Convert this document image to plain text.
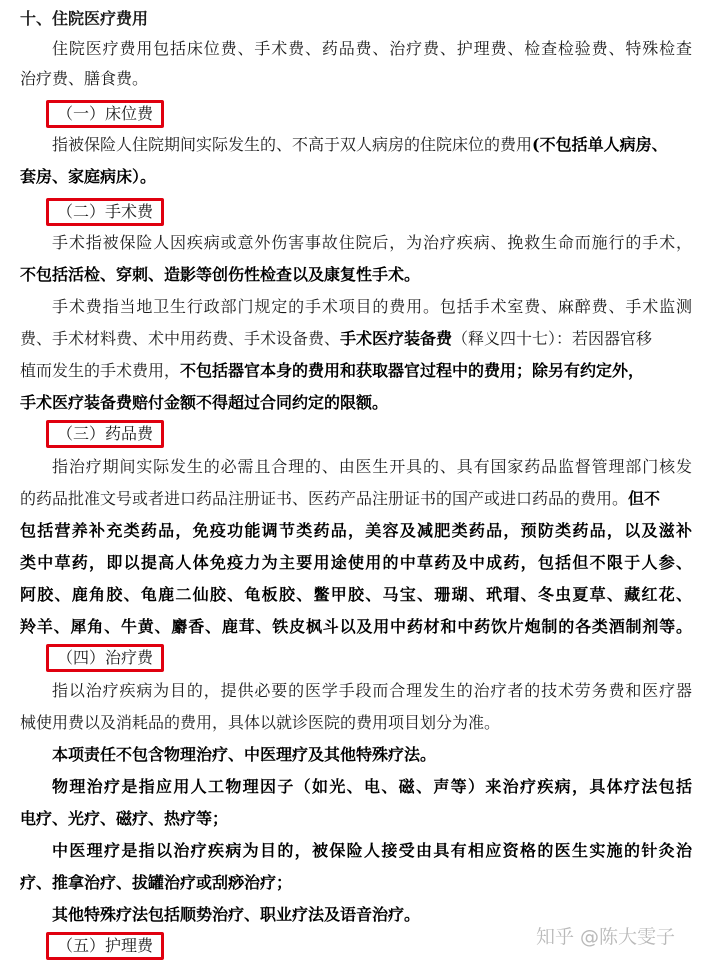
十、住院医疗费用
住院医疗费用包括床位费、手术费、药品费、治疗费、护理费、检查检验费、特殊检查
治疗费、膳食费。
（一）床位费
指被保险人住院期间实际发生的、不高于双人病房的住院床位的费用(不包括单人病房、
套房、家庭病床）。
（二）手术费
手术指被保险人因疾病或意外伤害事故住院后，为治疗疾病、挽救生命而施行的手术，
不包括活检、穿刺、造影等创伤性检查以及康复性手术。
手术费指当地卫生行政部门规定的手术项目的费用。包括手术室费、麻醉费、手术监测
费、手术材料费、术中用药费、手术设备费、手术医疗装备费（释义四十七）：若因器官移
植而发生的手术费用，不包括器官本身的费用和获取器官过程中的费用；除另有约定外，
手术医疗装备费赔付金额不得超过合同约定的限额。
（三）药品费
指治疗期间实际发生的必需且合理的、由医生开具的、具有国家药品监督管理部门核发
的药品批准文号或者进口药品注册证书、医药产品注册证书的国产或进口药品的费用。但不
包括营养补充类药品，免疫功能调节类药品，美容及减肥类药品，预防类药品，以及滋补
类中草药，即以提高人体免疫力为主要用途使用的中草药及中成药，包括但不限于人参、
阿胶、鹿角胶、龟鹿二仙胶、龟板胶、鳖甲胶、马宝、珊瑚、玳瑁、冬虫夏草、藏红花、
羚羊、犀角、牛黄、麝香、鹿茸、铁皮枫斗以及用中药材和中药饮片炮制的各类酒制剂等。
（四）治疗费
指以治疗疾病为目的，提供必要的医学手段而合理发生的治疗者的技术劳务费和医疗器
械使用费以及消耗品的费用，具体以就诊医院的费用项目划分为准。
本项责任不包含物理治疗、中医理疗及其他特殊疗法。
物理治疗是指应用人工物理因子（如光、电、磁、声等）来治疗疾病，具体疗法包括
电疗、光疗、磁疗、热疗等；
中医理疗是指以治疗疾病为目的，被保险人接受由具有相应资格的医生实施的针灸治
疗、推拿治疗、拔罐治疗或刮痧治疗；
其他特殊疗法包括顺势治疗、职业疗法及语音治疗。
（五）护理费	知乎 @陈大雯子
